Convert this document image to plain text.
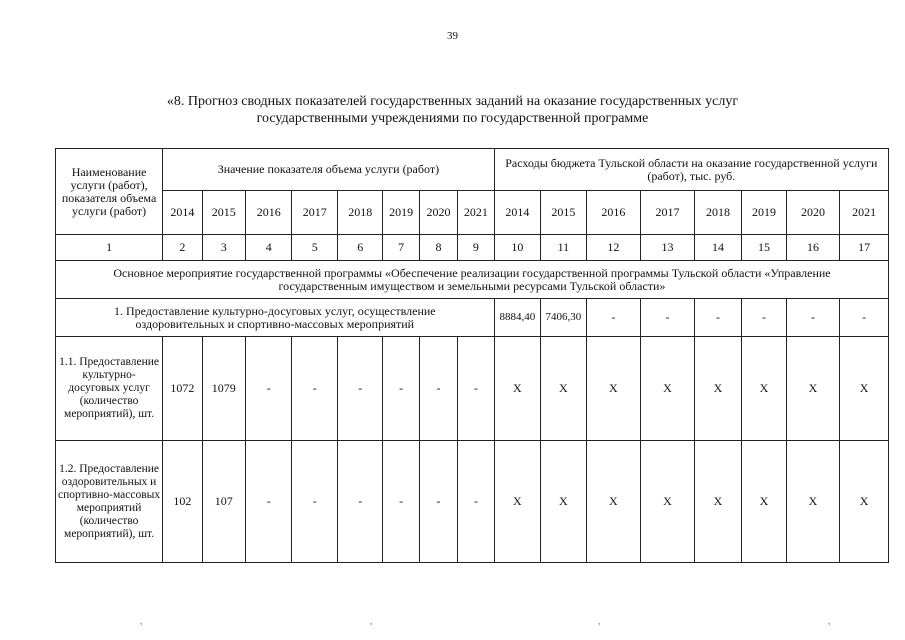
39
«8. Прогноз сводных показателей государственных заданий на оказание государственных услуг
государственными учреждениями по государственной программе
Наименование услуги (работ), показателя объема услуги (работ)	Значение показателя объема услуги (работ)								Расходы бюджета Тульской области на оказание государственной услуги (работ), тыс. руб.							
	2014	2015	2016	2017	2018	2019	2020	2021	2014	2015	2016	2017	2018	2019	2020	2021
1	2	3	4	5	6	7	8	9	10	11	12	13	14	15	16	17
Основное мероприятие государственной программы «Обеспечение реализации государственной программы Тульской области «Управление государственным имуществом и земельными ресурсами Тульской области»																
1. Предоставление культурно-досуговых услуг, осуществление оздоровительных и спортивно-массовых мероприятий									8884,40	7406,30	-	-	-	-	-	-
1.1. Предоставление культурно-досуговых услуг (количество мероприятий), шт.	1072	1079	-	-	-	-	-	-	X	X	X	X	X	X	X	X
1.2. Предоставление оздоровительных и спортивно-массовых мероприятий (количество мероприятий), шт.	102	107	-	-	-	-	-	-	X	X	X	X	X	X	X	X
,	,	,	,
